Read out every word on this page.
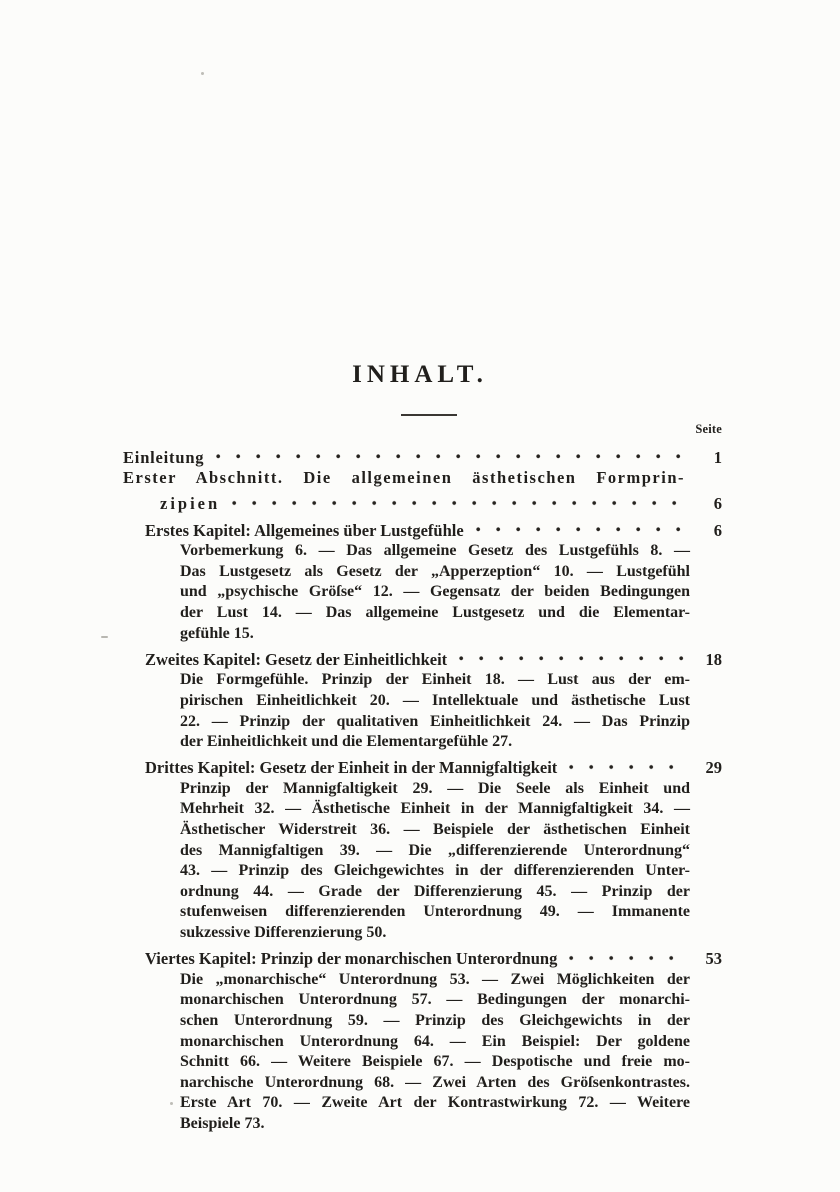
INHALT.
Seite
Einleitung	1
Erster Abschnitt. Die allgemeinen ästhetischen Formprin-
zipien	6
Erstes Kapitel: Allgemeines über Lustgefühle	6
Vorbemerkung 6. — Das allgemeine Gesetz des Lustgefühls 8. —
Das Lustgesetz als Gesetz der „Apperzeption“ 10. — Lustgefühl
und „psychische Gröſse“ 12. — Gegensatz der beiden Bedingungen
der Lust 14. — Das allgemeine Lustgesetz und die Elementar-
gefühle 15.
Zweites Kapitel: Gesetz der Einheitlichkeit	18
Die Formgefühle. Prinzip der Einheit 18. — Lust aus der em-
pirischen Einheitlichkeit 20. — Intellektuale und ästhetische Lust
22. — Prinzip der qualitativen Einheitlichkeit 24. — Das Prinzip
der Einheitlichkeit und die Elementargefühle 27.
Drittes Kapitel: Gesetz der Einheit in der Mannigfaltigkeit	29
Prinzip der Mannigfaltigkeit 29. — Die Seele als Einheit und
Mehrheit 32. — Ästhetische Einheit in der Mannigfaltigkeit 34. —
Ästhetischer Widerstreit 36. — Beispiele der ästhetischen Einheit
des Mannigfaltigen 39. — Die „differenzierende Unterordnung“
43. — Prinzip des Gleichgewichtes in der differenzierenden Unter-
ordnung 44. — Grade der Differenzierung 45. — Prinzip der
stufenweisen differenzierenden Unterordnung 49. — Immanente
sukzessive Differenzierung 50.
Viertes Kapitel: Prinzip der monarchischen Unterordnung	53
Die „monarchische“ Unterordnung 53. — Zwei Möglichkeiten der
monarchischen Unterordnung 57. — Bedingungen der monarchi-
schen Unterordnung 59. — Prinzip des Gleichgewichts in der
monarchischen Unterordnung 64. — Ein Beispiel: Der goldene
Schnitt 66. — Weitere Beispiele 67. — Despotische und freie mo-
narchische Unterordnung 68. — Zwei Arten des Gröſsenkontrastes.
Erste Art 70. — Zweite Art der Kontrastwirkung 72. — Weitere
Beispiele 73.
